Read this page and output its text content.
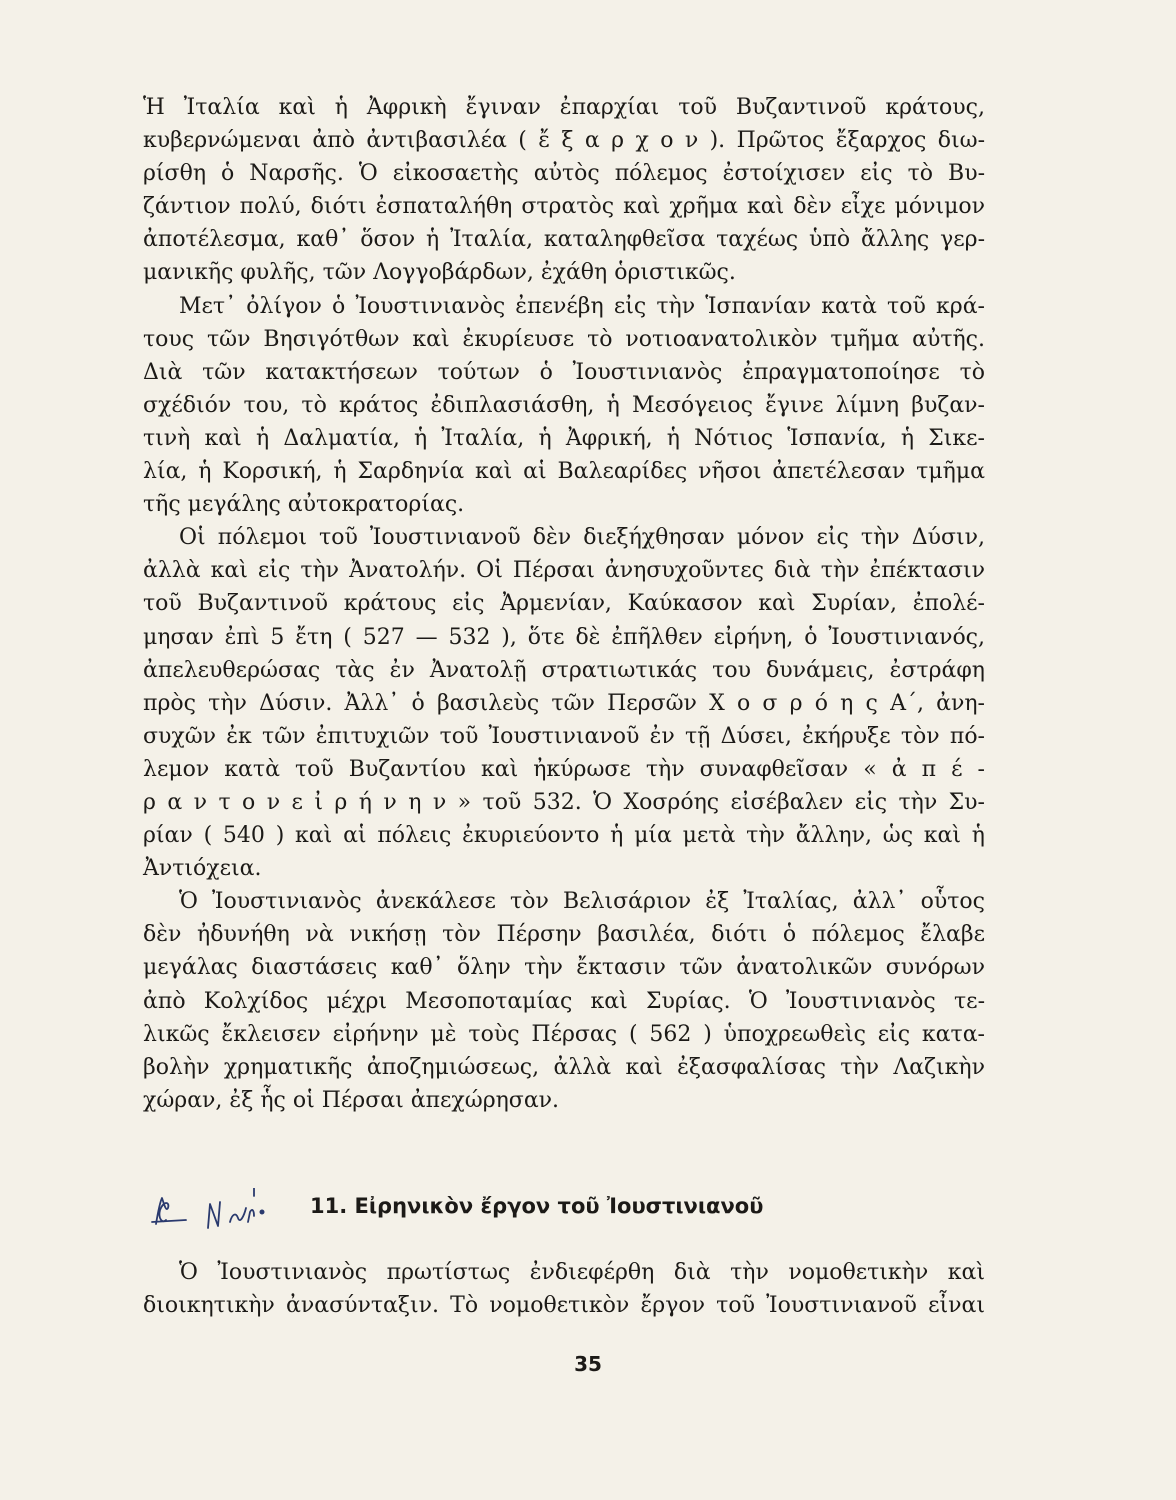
Ἡ Ἰταλία καὶ ἡ Ἀφρικὴ ἔγιναν ἐπαρχίαι τοῦ Βυζαντινοῦ κράτους,
κυβερνώμεναι ἀπὸ ἀντιβασιλέα ( ἔ ξ α ρ χ ο ν ). Πρῶτος ἔξαρχος διω-
ρίσθη ὁ Ναρσῆς. Ὁ εἰκοσαετὴς αὐτὸς πόλεμος ἐστοίχισεν εἰς τὸ Βυ-
ζάντιον πολύ, διότι ἐσπαταλήθη στρατὸς καὶ χρῆμα καὶ δὲν εἶχε μόνιμον
ἀποτέλεσμα, καθ᾽ ὅσον ἡ Ἰταλία, καταληφθεῖσα ταχέως ὑπὸ ἄλλης γερ-
μανικῆς φυλῆς, τῶν Λογγοβάρδων, ἐχάθη ὁριστικῶς.
Μετ᾽ ὀλίγον ὁ Ἰουστινιανὸς ἐπενέβη εἰς τὴν Ἱσπανίαν κατὰ τοῦ κρά-
τους τῶν Βησιγότθων καὶ ἐκυρίευσε τὸ νοτιοανατολικὸν τμῆμα αὐτῆς.
Διὰ τῶν κατακτήσεων τούτων ὁ Ἰουστινιανὸς ἐπραγματοποίησε τὸ
σχέδιόν του, τὸ κράτος ἐδιπλασιάσθη, ἡ Μεσόγειος ἔγινε λίμνη βυζαν-
τινὴ καὶ ἡ Δαλματία, ἡ Ἰταλία, ἡ Ἀφρική, ἡ Νότιος Ἱσπανία, ἡ Σικε-
λία, ἡ Κορσική, ἡ Σαρδηνία καὶ αἱ Βαλεαρίδες νῆσοι ἀπετέλεσαν τμῆμα
τῆς μεγάλης αὐτοκρατορίας.
Οἱ πόλεμοι τοῦ Ἰουστινιανοῦ δὲν διεξήχθησαν μόνον εἰς τὴν Δύσιν,
ἀλλὰ καὶ εἰς τὴν Ἀνατολήν. Οἱ Πέρσαι ἀνησυχοῦντες διὰ τὴν ἐπέκτασιν
τοῦ Βυζαντινοῦ κράτους εἰς Ἀρμενίαν, Καύκασον καὶ Συρίαν, ἐπολέ-
μησαν ἐπὶ 5 ἔτη ( 527 — 532 ), ὅτε δὲ ἐπῆλθεν εἰρήνη, ὁ Ἰουστινιανός,
ἀπελευθερώσας τὰς ἐν Ἀνατολῇ στρατιωτικάς του δυνάμεις, ἐστράφη
πρὸς τὴν Δύσιν. Ἀλλ᾽ ὁ βασιλεὺς τῶν Περσῶν Χ ο σ ρ ό η ς Α΄, ἀνη-
συχῶν ἐκ τῶν ἐπιτυχιῶν τοῦ Ἰουστινιανοῦ ἐν τῇ Δύσει, ἐκήρυξε τὸν πό-
λεμον κατὰ τοῦ Βυζαντίου καὶ ἠκύρωσε τὴν συναφθεῖσαν « ἀ π έ -
ρ α ν τ ο ν ε ἰ ρ ή ν η ν » τοῦ 532. Ὁ Χοσρόης εἰσέβαλεν εἰς τὴν Συ-
ρίαν ( 540 ) καὶ αἱ πόλεις ἐκυριεύοντο ἡ μία μετὰ τὴν ἄλλην, ὡς καὶ ἡ
Ἀντιόχεια.
Ὁ Ἰουστινιανὸς ἀνεκάλεσε τὸν Βελισάριον ἐξ Ἰταλίας, ἀλλ᾽ οὗτος
δὲν ἠδυνήθη νὰ νικήσῃ τὸν Πέρσην βασιλέα, διότι ὁ πόλεμος ἔλαβε
μεγάλας διαστάσεις καθ᾽ ὅλην τὴν ἔκτασιν τῶν ἀνατολικῶν συνόρων
ἀπὸ Κολχίδος μέχρι Μεσοποταμίας καὶ Συρίας. Ὁ Ἰουστινιανὸς τε-
λικῶς ἔκλεισεν εἰρήνην μὲ τοὺς Πέρσας ( 562 ) ὑποχρεωθεὶς εἰς κατα-
βολὴν χρηματικῆς ἀποζημιώσεως, ἀλλὰ καὶ ἐξασφαλίσας τὴν Λαζικὴν
χώραν, ἐξ ἧς οἱ Πέρσαι ἀπεχώρησαν.
11. Εἰρηνικὸν ἔργον τοῦ Ἰουστινιανοῦ
Ὁ Ἰουστινιανὸς πρωτίστως ἐνδιεφέρθη διὰ τὴν νομοθετικὴν καὶ
διοικητικὴν ἀνασύνταξιν. Τὸ νομοθετικὸν ἔργον τοῦ Ἰουστινιανοῦ εἶναι
35
